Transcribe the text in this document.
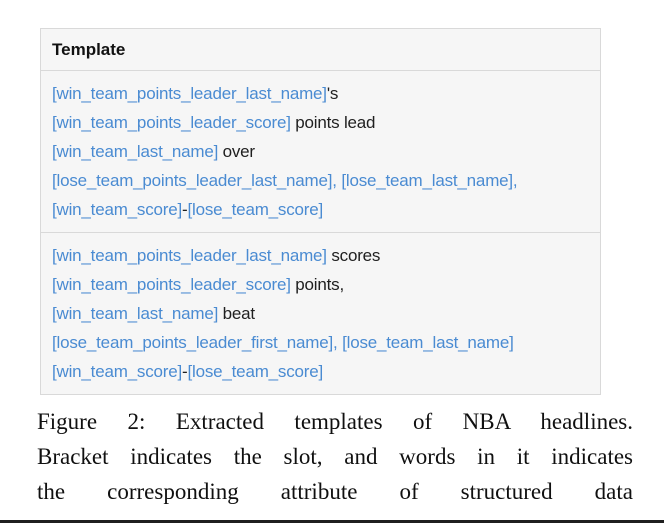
Template
[win_team_points_leader_last_name]'s
[win_team_points_leader_score] points lead
[win_team_last_name] over
[lose_team_points_leader_last_name], [lose_team_last_name],
[win_team_score]-[lose_team_score]
[win_team_points_leader_last_name] scores
[win_team_points_leader_score] points,
[win_team_last_name] beat
[lose_team_points_leader_first_name], [lose_team_last_name]
[win_team_score]-[lose_team_score]
Figure 2: Extracted templates of NBA headlines.
Bracket indicates the slot, and words in it indicates
the corresponding attribute of structured data
